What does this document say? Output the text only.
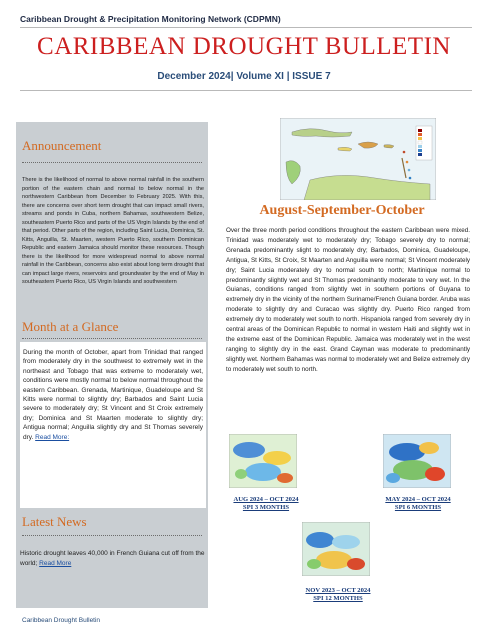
Caribbean Drought & Precipitation Monitoring Network (CDPMN)
CARIBBEAN DROUGHT BULLETIN
December 2024| Volume XI | ISSUE 7
Announcement
There is the likelihood of normal to above normal rainfall in the southern portion of the eastern chain and normal to below normal in the northwestern Caribbean from December to February 2025. With this, there are concerns over short term drought that can impact small rivers, streams and ponds in Cuba, northern Bahamas, southwestern Belize, southeastern Puerto Rico and parts of the US Virgin Islands by the end of that period. Other parts of the region, including Saint Lucia, Dominica, St. Kitts, Anguilla, St. Maarten, western Puerto Rico, southern Dominican Republic and eastern Jamaica should monitor these resources. Though there is the likelihood for more widespread normal to above normal rainfall in the Caribbean, concerns also exist about long term drought that can impact large rivers, reservoirs and groundwater by the end of May in southeastern Puerto Rico, US Virgin Islands and southwestern
Month at a Glance
Latest News
During the month of October, apart from Trinidad that ranged from moderately dry in the southwest to extremely wet in the northeast and Tobago that was extreme to moderately wet, conditions were mostly normal to below normal throughout the eastern Caribbean. Grenada, Martinique, Guadeloupe and St Kitts were normal to slightly dry; Barbados and Saint Lucia severe to moderately dry; St Vincent and St Croix extremely dry; Dominica and St Maarten moderate to slightly dry; Antigua normal; Anguilla slightly dry and St Thomas severely dry. Read More:
Historic drought leaves 40,000 in French Guiana cut off from the world; Read More
August-September-October
Over the three month period conditions throughout the eastern Caribbean were mixed. Trinidad was moderately wet to moderately dry; Tobago severely dry to normal; Grenada predominantly slight to moderately dry; Barbados, Dominica, Guadeloupe, Antigua, St Kitts, St Croix, St Maarten and Anguilla were normal; St Vincent moderately dry; Saint Lucia moderately dry to normal south to north; Martinique normal to predominantly slightly wet and St Thomas predominantly moderate to very wet. In the Guianas, conditions ranged from slightly wet in southern portions of Guyana to extremely dry in the vicinity of the northern Suriname/French Guiana border. Aruba was moderate to slightly dry and Curacao was slightly dry. Puerto Rico ranged from extremely dry to moderately wet south to north. Hispaniola ranged from severely dry in central areas of the Dominican Republic to normal in western Haiti and slightly wet in the extreme east of the Dominican Republic. Jamaica was moderately wet in the west ranging to slightly dry in the east. Grand Cayman was moderate to predominantly slightly wet. Northern Bahamas was normal to moderately wet and Belize extremely dry to moderately wet south to north.
AUG 2024 – OCT 2024
SPI 3 MONTHS
MAY 2024 – OCT 2024
SPI 6 MONTHS
NOV 2023 – OCT 2024
SPI 12 MONTHS
Caribbean Drought Bulletin
